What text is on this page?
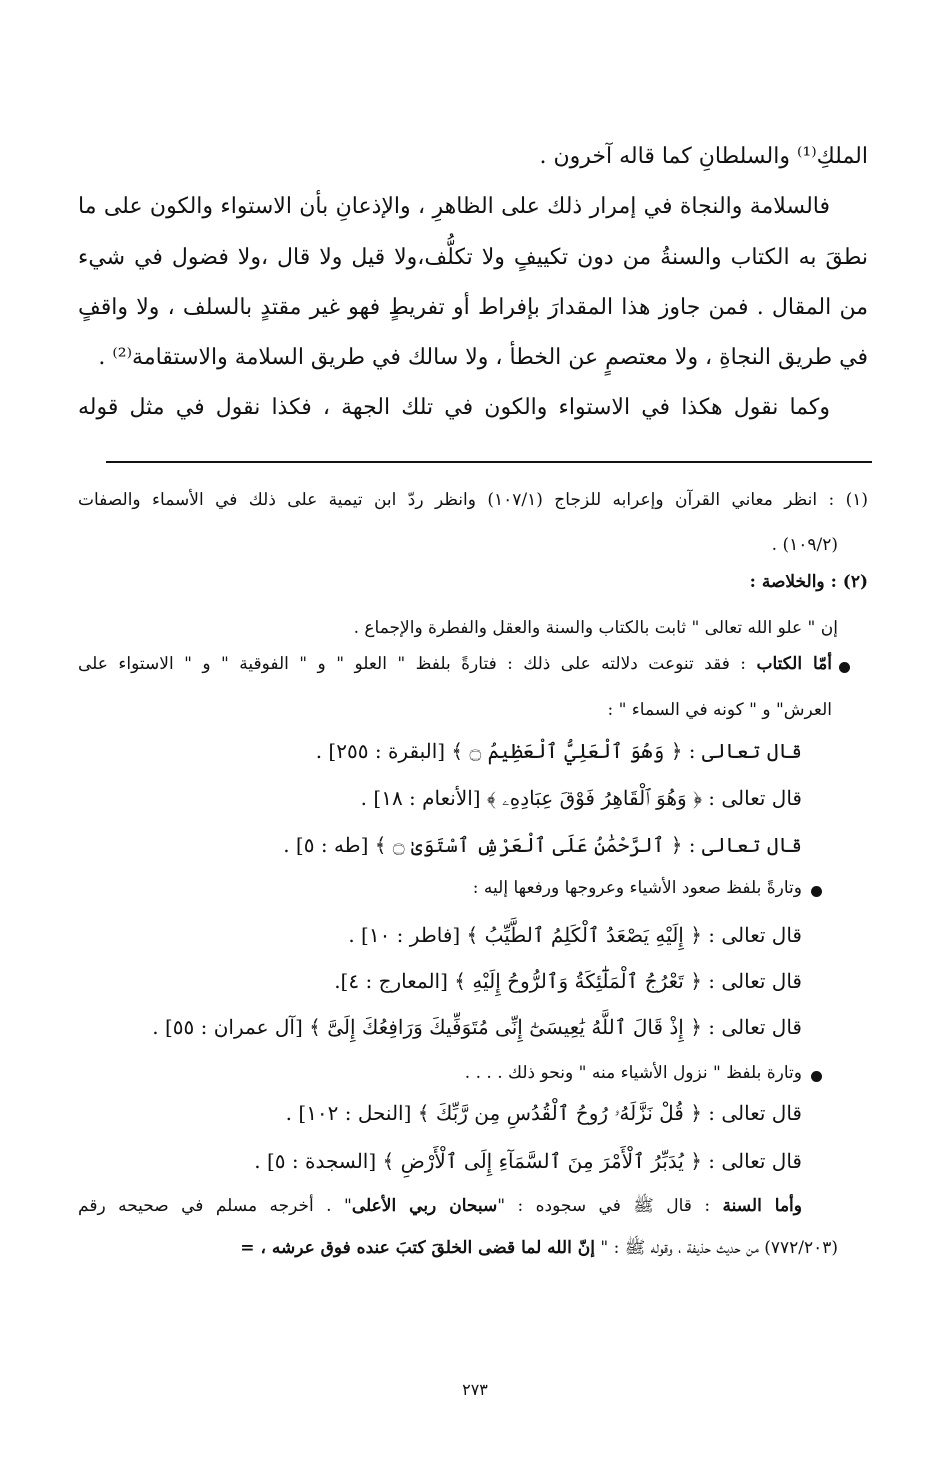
الملكِ⁽¹⁾ والسلطانِ كما قاله آخرون .
فالسلامة والنجاة في إمرار ذلك على الظاهرِ ، والإذعانِ بأن الاستواء والكون على ما
نطقَ به الكتاب والسنةُ من دون تكييفٍ ولا تكلُّف،ولا قيل ولا قال ،ولا فضول في شيء
من المقال . فمن جاوز هذا المقدارَ بإفراط أو تفريطٍ فهو غير مقتدٍ بالسلف ، ولا واقفٍ
في طريق النجاةِ ، ولا معتصمٍ عن الخطأ ، ولا سالك في طريق السلامة والاستقامة⁽²⁾ .
وكما نقول هكذا في الاستواء والكون في تلك الجهة ، فكذا نقول في مثل قوله
(١) : انظر معاني القرآن وإعرابه للزجاج (١٠٧/١) وانظر ردّ ابن تيمية على ذلك في الأسماء والصفات
(١٠٩/٢) .
(٢) : والخلاصة :
إن " علو الله تعالى " ثابت بالكتاب والسنة والعقل والفطرة والإجماع .
أمّا الكتاب : فقد تنوعت دلالته على ذلك : فتارةً بلفظ " العلو " و " الفوقية " و " الاستواء على
العرش" و " كونه في السماء " :
قال تعالى : ﴿ وَهُوَ ٱلْعَلِيُّ ٱلْعَظِيمُ ۝ ﴾ [البقرة : ٢٥٥] .
قال تعالى : ﴿ وَهُوَ ٱلْقَاهِرُ فَوْقَ عِبَادِهِۦ ﴾ [الأنعام : ١٨] .
قال تعالى : ﴿ ٱلرَّحْمَٰنُ عَلَى ٱلْعَرْشِ ٱسْتَوَىٰ ۝ ﴾ [طه : ٥] .
وتارةً بلفظ صعود الأشياء وعروجها ورفعها إليه :
قال تعالى : ﴿ إِلَيْهِ يَصْعَدُ ٱلْكَلِمُ ٱلطَّيِّبُ ﴾ [فاطر : ١٠] .
قال تعالى : ﴿ تَعْرُجُ ٱلْمَلَٰٓئِكَةُ وَٱلرُّوحُ إِلَيْهِ ﴾ [المعارج : ٤].
قال تعالى : ﴿ إِذْ قَالَ ٱللَّهُ يَٰعِيسَىٰٓ إِنِّى مُتَوَفِّيكَ وَرَافِعُكَ إِلَىَّ ﴾ [آل عمران : ٥٥] .
وتارة بلفظ " نزول الأشياء منه " ونحو ذلك . . . .
قال تعالى : ﴿ قُلْ نَزَّلَهُۥ رُوحُ ٱلْقُدُسِ مِن رَّبِّكَ ﴾ [النحل : ١٠٢] .
قال تعالى : ﴿ يُدَبِّرُ ٱلْأَمْرَ مِنَ ٱلسَّمَآءِ إِلَى ٱلْأَرْضِ ﴾ [السجدة : ٥] .
وأما السنة : قال ﷺ في سجوده : "سبحان ربي الأعلى" . أخرجه مسلم في صحيحه رقم
(٧٧٢/٢٠٣) من حديث حذيفة ، وقوله ﷺ : " إنّ الله لما قضى الخلقَ كتبَ عنده فوق عرشه ، =
٢٧٣
